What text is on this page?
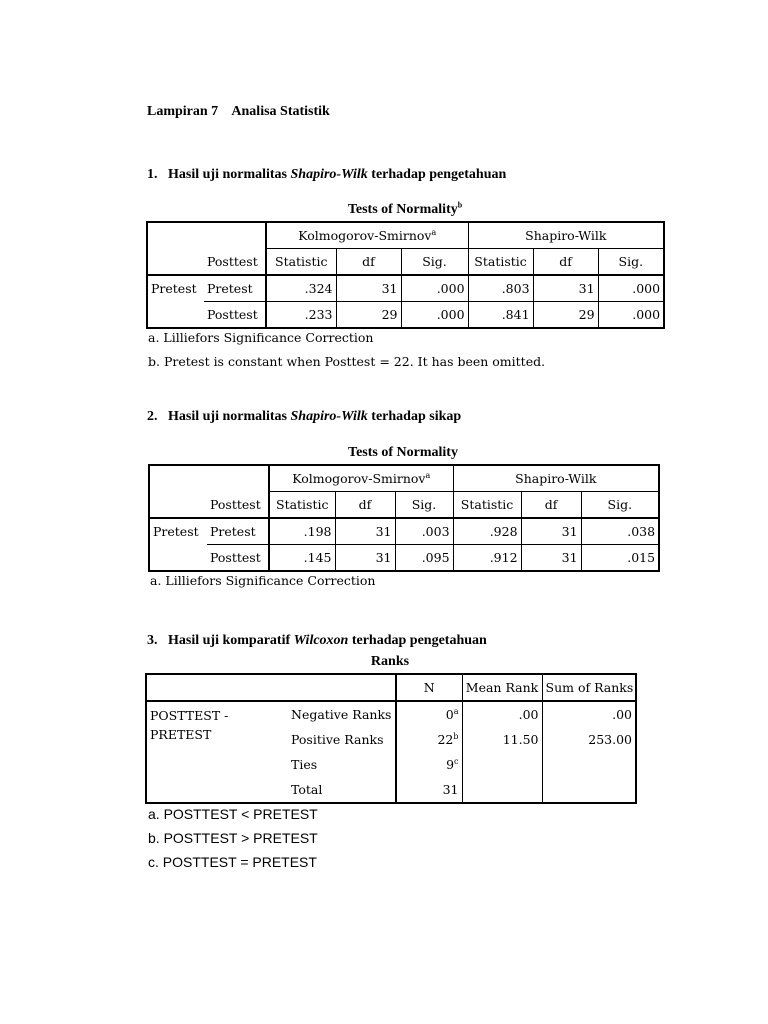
Lampiran 7    Analisa Statistik
1. Hasil uji normalitas Shapiro-Wilk terhadap pengetahuan
Tests of Normality$^b$
		Kolmogorov-Smirnov$^a$			Shapiro-Wilk		
	Posttest	Statistic	df	Sig.	Statistic	df	Sig.
Pretest	Pretest	.324	31	.000	.803	31	.000
	Posttest	.233	29	.000	.841	29	.000
a. Lilliefors Significance Correction
b. Pretest is constant when Posttest = 22. It has been omitted.
2. Hasil uji normalitas Shapiro-Wilk terhadap sikap
Tests of Normality
		Kolmogorov-Smirnov$^a$			Shapiro-Wilk		
	Posttest	Statistic	df	Sig.	Statistic	df	Sig.
Pretest	Pretest	.198	31	.003	.928	31	.038
	Posttest	.145	31	.095	.912	31	.015
a. Lilliefors Significance Correction
3. Hasil uji komparatif Wilcoxon terhadap pengetahuan
Ranks
		N	Mean Rank	Sum of Ranks

POSTTEST -
PRETEST	Negative Ranks	0$^a$	.00	.00
	Positive Ranks	22$^b$	11.50	253.00
	Ties	9$^c$		
	Total	31		
a. POSTTEST < PRETEST
b. POSTTEST > PRETEST
c. POSTTEST = PRETEST
